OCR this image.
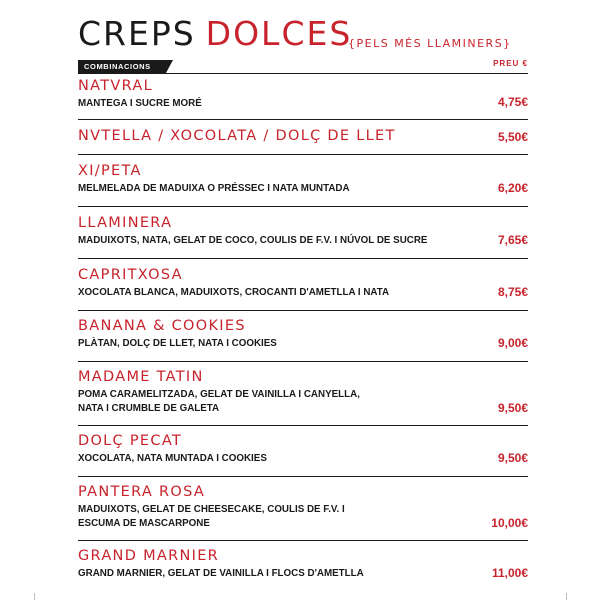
CREPS DOLCES
{PELS MÉS LLAMINERS}
COMBINACIONS	PREU €
NATVRAL
MANTEGA I SUCRE MORÉ	4,75€
NVTELLA / XOCOLATA / DOLÇ DE LLET	5,50€
XI/PETA
MELMELADA DE MADUIXA O PRÉSSEC I NATA MUNTADA	6,20€
LLAMINERA
MADUIXOTS, NATA, GELAT DE COCO, COULIS DE F.V. I NÚVOL DE SUCRE	7,65€
CAPRITXOSA
XOCOLATA BLANCA, MADUIXOTS, CROCANTI D'AMETLLA I NATA	8,75€
BANANA & COOKIES
PLÀTAN, DOLÇ DE LLET, NATA I COOKIES	9,00€
MADAME TATIN
POMA CARAMELITZADA, GELAT DE VAINILLA I CANYELLA, NATA I CRUMBLE DE GALETA	9,50€
DOLÇ PECAT
XOCOLATA, NATA MUNTADA I COOKIES	9,50€
PANTERA ROSA
MADUIXOTS, GELAT DE CHEESECAKE, COULIS DE F.V. I ESCUMA DE MASCARPONE	10,00€
GRAND MARNIER
GRAND MARNIER, GELAT DE VAINILLA I FLOCS D'AMETLLA	11,00€
